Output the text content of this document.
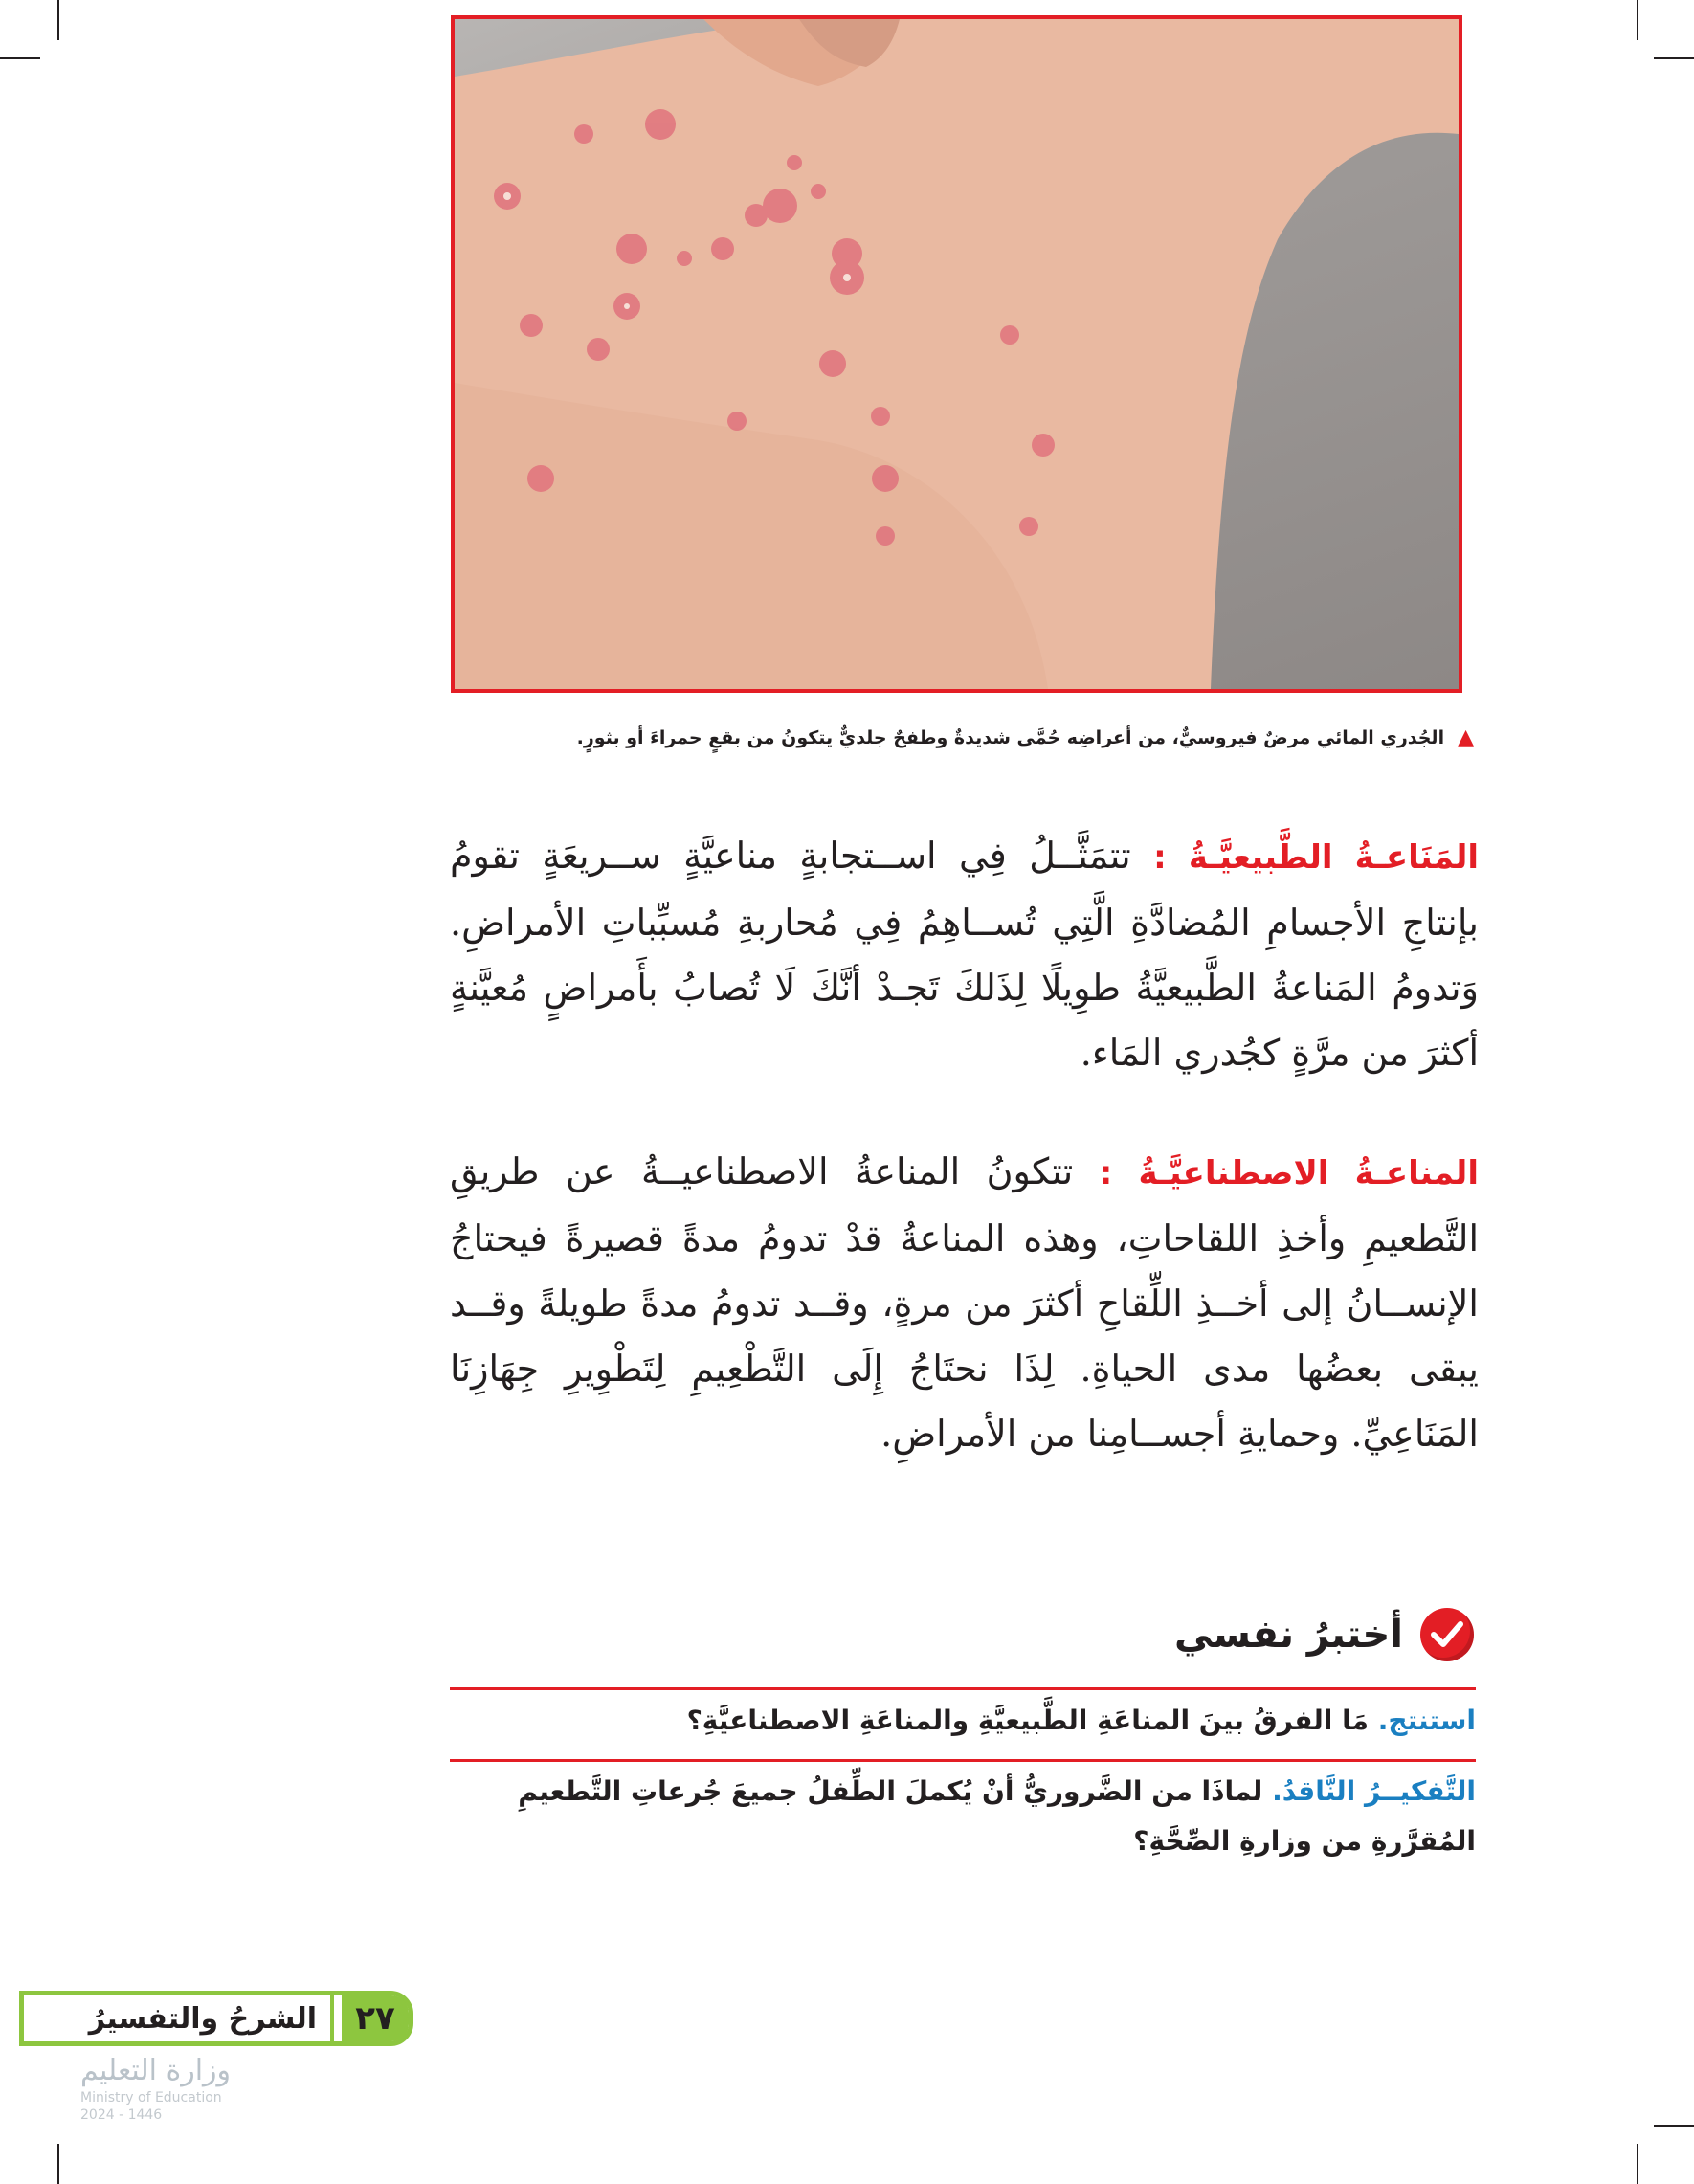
▲الجُدري المائي مرضٌ فيروسيٌّ، من أعراضِه حُمَّى شديدةٌ وطفحٌ جلديٌّ يتكونُ من بقعٍ حمراءَ أو بثورٍ.
المَنَاعـةُ الطَّبيعيَّـةُ : تتمَثَّــلُ فِي اســتجابةٍ مناعيَّةٍ ســريعَةٍ تقومُ بإنتاجِ الأجسامِ المُضادَّةِ الَّتِي تُســاهِمُ فِي مُحاربةِ مُسبِّباتِ الأمراضِ. وَتدومُ المَناعةُ الطَّبيعيَّةُ طوِيلًا لِذَلكَ تَجـدْ أنَّكَ لَا تُصابُ بأَمراضٍ مُعيَّنةٍ أكثرَ من مرَّةٍ كجُدري المَاء.
المناعـةُ الاصطناعيَّـةُ : تتكونُ المناعةُ الاصطناعيــةُ عن طريقِ التَّطعيمِ وأخذِ اللقاحاتِ، وهذه المناعةُ قدْ تدومُ مدةً قصيرةً فيحتاجُ الإنســانُ إلى أخــذِ اللِّقاحِ أكثرَ من مرةٍ، وقــد تدومُ مدةً طويلةً وقــد يبقى بعضُها مدى الحياةِ. لِذَا نحتَاجُ إِلَى التَّطْعِيمِ لِتَطْوِيرِ جِهَازِنَا المَنَاعِيِّ. وحمايةِ أجســامِنا من الأمراضِ.
أختبرُ نفسي
استنتج. مَا الفرقُ بينَ المناعَةِ الطَّبيعيَّةِ والمناعَةِ الاصطناعيَّةِ؟
التَّفكيــرُ النَّاقدُ. لماذَا من الضَّروريُّ أنْ يُكملَ الطِّفلُ جميعَ جُرعاتِ التَّطعيمِ المُقرَّرةِ من وزارةِ الصِّحَّةِ؟
٢٧
الشرحُ والتفسيرُ
وزارة التعليم
Ministry of Education
2024 - 1446
